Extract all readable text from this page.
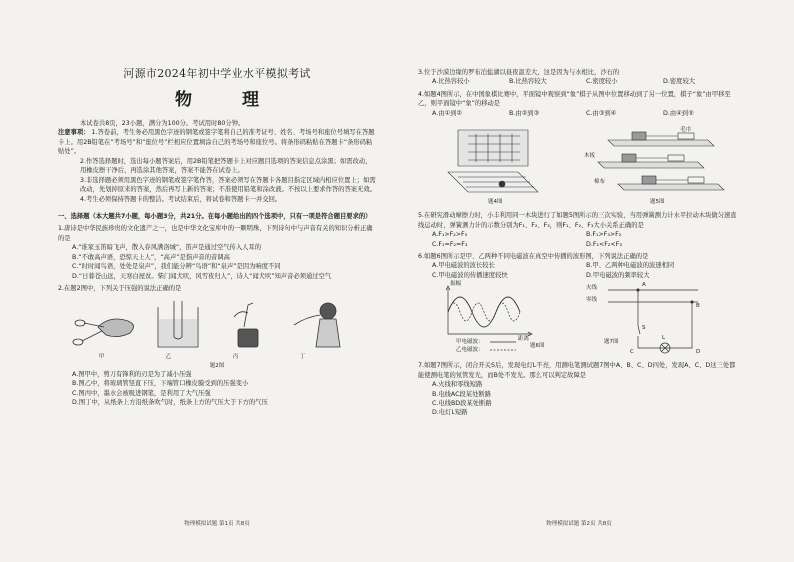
河源市2024年初中学业水平模拟考试
物 理
本试卷共8页，23小题，满分为100分。考试用时80分钟。
注意事项： 1.答卷前，考生务必用黑色字迹的钢笔或签字笔将自己的准考证号、姓名、考场号和座位号填写在答题卡上。用2B铅笔在“考场号”和“座位号”栏相应位置填涂自己的考场号和座位号。将条形码粘贴在答题卡“条形码粘贴处”。
2.作答选择题时，选出每小题答案后，用2B铅笔把答题卡上对应题目选项的答案信息点涂黑；如需改动，用橡皮擦干净后，再选涂其他答案，答案不能答在试卷上。
3.非选择题必须用黑色字迹的钢笔或签字笔作答，答案必须写在答题卡各题目指定区域内相应位置上；如需改动，先划掉原来的答案，然后再写上新的答案；不准使用铅笔和涂改液。不按以上要求作答的答案无效。
4.考生必须保持答题卡的整洁。考试结束后，将试卷和答题卡一并交回。
一、选择题（本大题共7小题，每小题3分，共21分。在每小题给出的四个选项中，只有一项是符合题目要求的）
1.唐诗是中华民族珍贵的文化遗产之一，也是中华文化宝库中的一颗明珠，下列诗句中与声音有关的知识分析正确的是
A.“谁家玉笛暗飞声，散入春风满洛城”，笛声是通过空气传入人耳的
B.“不敢高声语，恐惊天上人”，“高声”是指声音的音调高
C.“时时闻鸟语，处处是泉声”，我们能分辨“鸟语”和“泉声”是因为响度不同
D.“日暮苍山远，天寒白屋贫。柴门闻犬吠，风雪夜归人”，诗人“闻犬吠”知声音必须通过空气
2.在题2图中，下列关于压强的说法正确的是
甲	乙	丙	丁
题2图
A.图甲中，剪刀有锋利的刃是为了减小压强
B.图乙中，将玻璃管竖直下压，下端管口橡皮膜受到的压强变小
C.图丙中，墨水会被吸进钢笔，是利用了大气压强
D.图丁中，从纸条上方沿纸条吹气时，纸条上方的气压大于下方的气压
物理模拟试题 第1页 共8页
3.位于沙漠边缘的罗布泊盐湖以昼夜温差大，这是因为与水相比，沙石的
A.比热容较小	B.比热容较大	C.密度较小	D.密度较大
4.如题4图所示，在中国象棋比赛中，平面镜中观察到“象”棋子从图中位置移动到了另一位置，棋子“象”由甲移至乙，则平面镜中“象”的移动是
A.由①到②	B.由②到③	C.由③到④	D.由④到⑤
毛巾
木板
棉布
题4图	题5图
5.在研究滑动摩擦力时，小丰利用同一木块进行了如题5图所示的三次实验，当用弹簧测力计水平拉动木块做匀速直线运动时，弹簧测力计的示数分别为F₁、F₂、F₃，则F₁、F₂、F₃大小关系正确的是
A.F₁>F₂>F₃	B.F₁>F₃>F₂
C.F₁=F₂=F₃	D.F₁<F₂<F₃
6.如题6图所示是甲、乙两种不同电磁波在真空中传播的波形图，下列说法正确的是
A.甲电磁波的波长较长	B.甲、乙两种电磁波的波速相同
C.甲电磁波的传播速度较快	D.甲电磁波的频率较大
振幅
距离
甲电磁波：
乙电磁波：
题6图
火线
零线
A
B
S
C	D
L
题7图
7.如题7图所示，闭合开关S后，发现电灯L不亮，用测电笔测试题7图中A、B、C、D四处，发现A、C、D这三处都能使测电笔的氖管发光，而B处不发光。那么可以判定故障是
A.火线和零线短路
B.电线AC段某处断路
C.电线BD段某处断路
D.电灯L短路
物理模拟试题 第2页 共8页
